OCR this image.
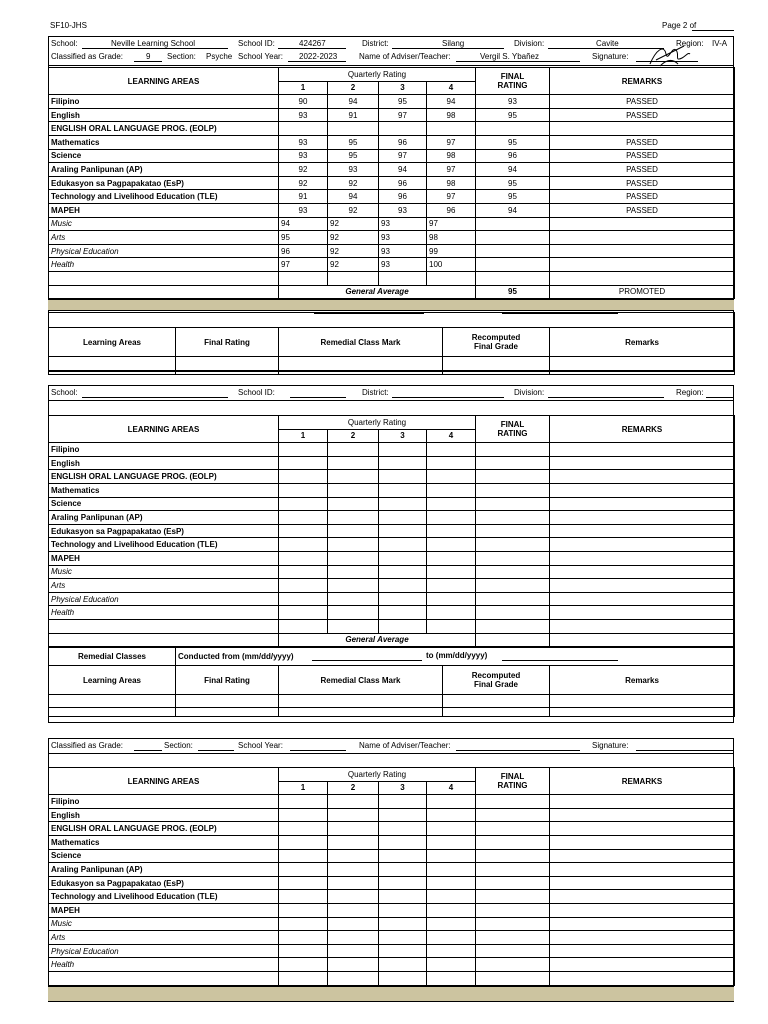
SF10-JHS	Page 2 of
School:	Neville Learning School	School ID:	424267	District:	Silang	Division:	Cavite	Region: IV-A
Classified as Grade:	9 Section: Psyche School Year: 2022-2023	Name of Adviser/Teacher:	Vergil S. Ybañez	Signature:
LEARNING AREAS	Quarterly Rating				FINAL
RATING	REMARKS
	1	2	3	4		
Filipino	90	94	95	94	93	PASSED
English	93	91	97	98	95	PASSED
ENGLISH ORAL LANGUAGE PROG. (EOLP)						
Mathematics	93	95	96	97	95	PASSED
Science	93	95	97	98	96	PASSED
Araling Panlipunan (AP)	92	93	94	97	94	PASSED
Edukasyon sa Pagpapakatao (EsP)	92	92	96	98	95	PASSED
Technology and Livelihood Education (TLE)	91	94	96	97	95	PASSED
MAPEH	93	92	93	96	94	PASSED
Music	94	92	93	97		
Arts	95	92	93	98		
Physical Education	96	92	93	99		
Health	97	92	93	100		

	General Average				95	PROMOTED

Learning Areas	Final Rating	Remedial Class Mark	Recomputed
Final Grade	Remarks

School:	School ID:	District:	Division:	Region:
LEARNING AREAS	Quarterly Rating				FINAL
RATING	REMARKS
	1	2	3	4		
Filipino						
English						
ENGLISH ORAL LANGUAGE PROG. (EOLP)						
Mathematics						
Science						
Araling Panlipunan (AP)						
Edukasyon sa Pagpapakatao (EsP)						
Technology and Livelihood Education (TLE)						
MAPEH						
Music						
Arts						
Physical Education						
Health						

	General Average					
Remedial Classes	Conducted from (mm/dd/yyyy) to (mm/dd/yyyy)			

Learning Areas	Final Rating	Remedial Class Mark	Recomputed
Final Grade	Remarks

Classified as Grade:	Section:	School Year:	Name of Adviser/Teacher:	Signature:
LEARNING AREAS	Quarterly Rating				FINAL
RATING	REMARKS
	1	2	3	4		
Filipino						
English						
ENGLISH ORAL LANGUAGE PROG. (EOLP)						
Mathematics						
Science						
Araling Panlipunan (AP)						
Edukasyon sa Pagpapakatao (EsP)						
Technology and Livelihood Education (TLE)						
MAPEH						
Music						
Arts						
Physical Education						
Health						
